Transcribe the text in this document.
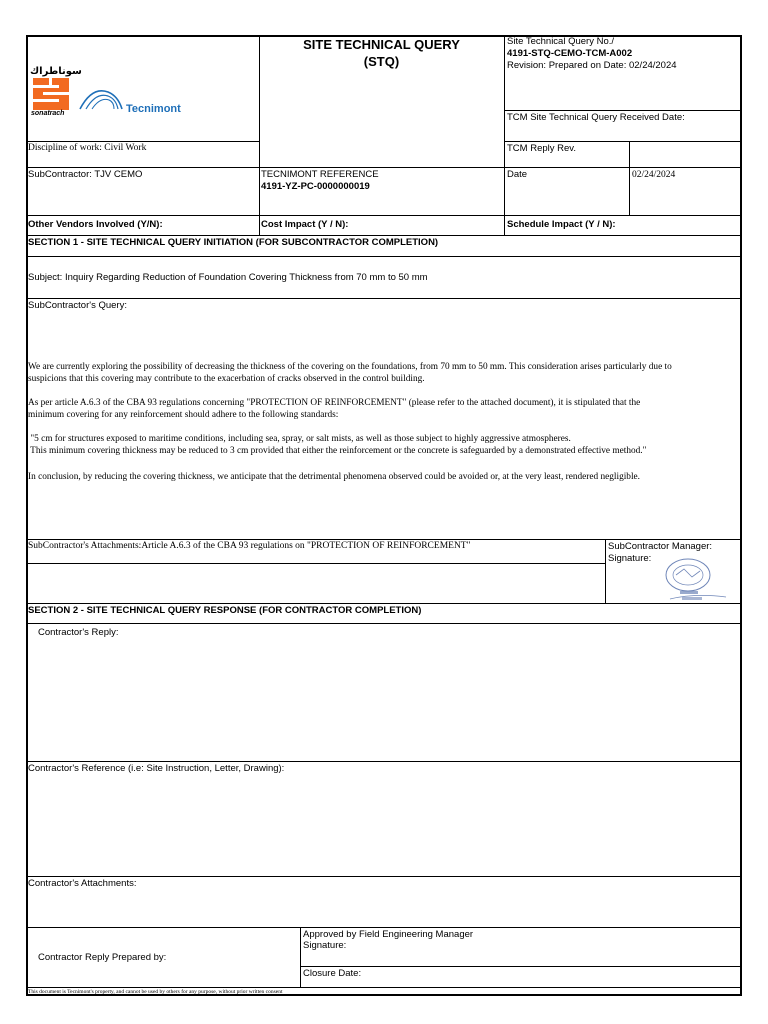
سوناطراك
sonatrach	Tecnimont
SITE TECHNICAL QUERY
(STQ)
Site Technical Query No./
4191-STQ-CEMO-TCM-A002
Revision: Prepared on Date: 02/24/2024
TCM Site Technical Query Received Date:
TCM Reply Rev.
Discipline of work: Civil Work
SubContractor: TJV CEMO	TECNIMONT REFERENCE
4191-YZ-PC-0000000019
Date	02/24/2024
Other Vendors Involved (Y/N):	Cost Impact (Y / N):	Schedule Impact (Y / N):
SECTION 1 - SITE TECHNICAL QUERY INITIATION (FOR SUBCONTRACTOR COMPLETION)
Subject: Inquiry Regarding Reduction of Foundation Covering Thickness from 70 mm to 50 mm
SubContractor's Query:
We are currently exploring the possibility of decreasing the thickness of the covering on the foundations, from 70 mm to 50 mm. This consideration arises particularly due to
suspicions that this covering may contribute to the exacerbation of cracks observed in the control building.
As per article A.6.3 of the CBA 93 regulations concerning "PROTECTION OF REINFORCEMENT" (please refer to the attached document), it is stipulated that the
minimum covering for any reinforcement should adhere to the following standards:
"5 cm for structures exposed to maritime conditions, including sea, spray, or salt mists, as well as those subject to highly aggressive atmospheres.
This minimum covering thickness may be reduced to 3 cm provided that either the reinforcement or the concrete is safeguarded by a demonstrated effective method."
In conclusion, by reducing the covering thickness, we anticipate that the detrimental phenomena observed could be avoided or, at the very least, rendered negligible.
SubContractor's Attachments:Article A.6.3 of the CBA 93 regulations on "PROTECTION OF REINFORCEMENT"	SubContractor Manager:
Signature:
SECTION 2 - SITE TECHNICAL QUERY RESPONSE (FOR CONTRACTOR COMPLETION)
Contractor's Reply:
Contractor's Reference (i.e: Site Instruction, Letter, Drawing):
Contractor's Attachments:
Contractor Reply Prepared by:
Approved by Field Engineering Manager
Signature:
Closure Date:
This document is Tecnimont's property, and cannot be used by others for any purpose, without prior written consent
